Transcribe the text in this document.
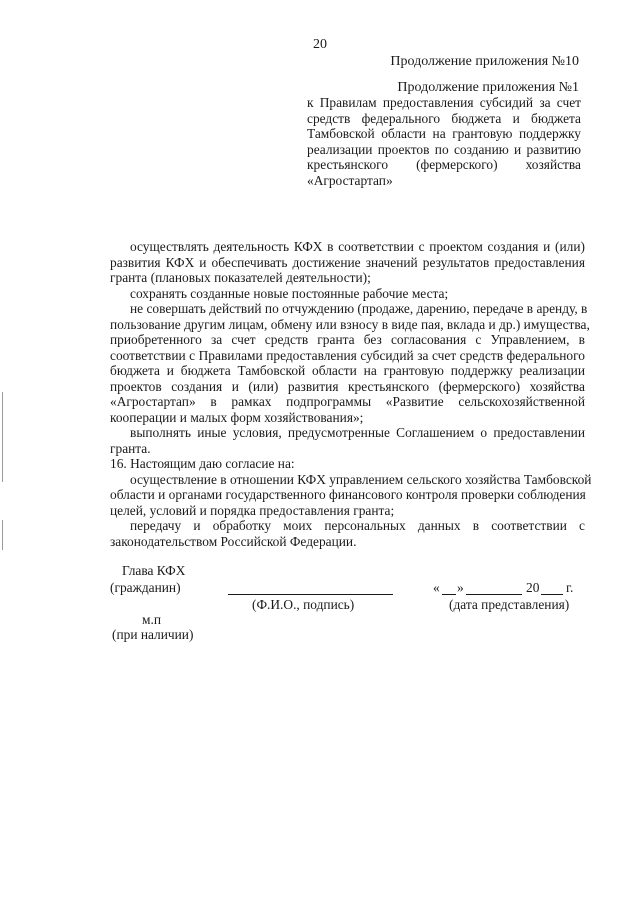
20
Продолжение приложения №10
Продолжение приложения №1
к Правилам предоставления субсидий за счет
средств федерального бюджета и бюджета
Тамбовской области на грантовую поддержку
реализации проектов по созданию и развитию
крестьянского (фермерского) хозяйства
«Агростартап»
осуществлять деятельность КФХ в соответствии с проектом создания и (или)
развития КФХ и обеспечивать достижение значений результатов предоставления
гранта (плановых показателей деятельности);
сохранять созданные новые постоянные рабочие места;
не совершать действий по отчуждению (продаже, дарению, передаче в аренду, в
пользование другим лицам, обмену или взносу в виде пая, вклада и др.) имущества,
приобретенного за счет средств гранта без согласования с Управлением, в
соответствии с Правилами предоставления субсидий за счет средств федерального
бюджета и бюджета Тамбовской области на грантовую поддержку реализации
проектов создания и (или) развития крестьянского (фермерского) хозяйства
«Агростартап» в рамках подпрограммы «Развитие сельскохозяйственной
кооперации и малых форм хозяйствования»;
выполнять иные условия, предусмотренные Соглашением о предоставлении
гранта.
16. Настоящим даю согласие на:
осуществление в отношении КФХ управлением сельского хозяйства Тамбовской
области и органами государственного финансового контроля проверки соблюдения
целей, условий и порядка предоставления гранта;
передачу и обработку моих персональных данных в соответствии с
законодательством Российской Федерации.
Глава КФХ
(гражданин)
(Ф.И.О., подпись)
« »	20 г.
(дата представления)
м.п
(при наличии)
